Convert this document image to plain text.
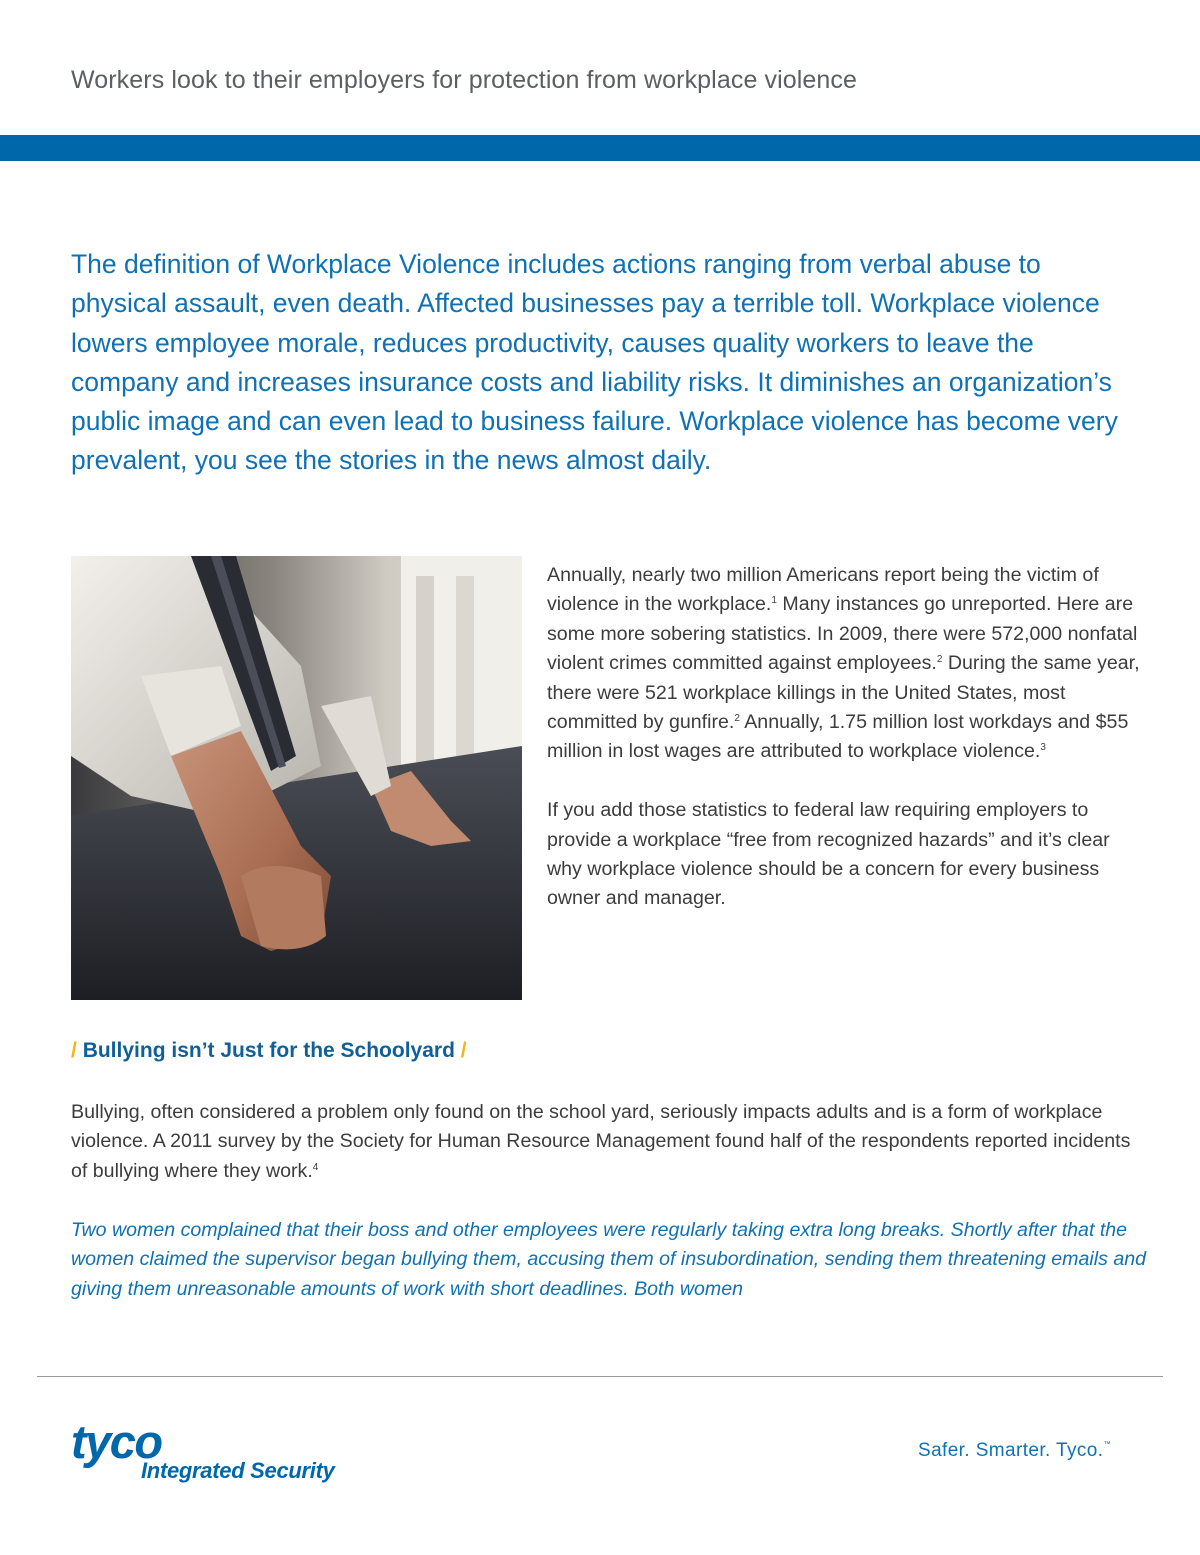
Workers look to their employers for protection from workplace violence
The definition of Workplace Violence includes actions ranging from verbal abuse to physical assault, even death. Affected businesses pay a terrible toll. Workplace violence lowers employee morale, reduces productivity, causes quality workers to leave the company and increases insurance costs and liability risks. It diminishes an organization’s public image and can even lead to business failure. Workplace violence has become very prevalent, you see the stories in the news almost daily.

Annually, nearly two million Americans report being the victim of violence in the workplace.$^1$ Many instances go unreported. Here are some more sobering statistics. In 2009, there were 572,000 nonfatal violent crimes committed against employees.$^2$ During the same year, there were 521 workplace killings in the United States, most committed by gunfire.$^2$ Annually, 1.75 million lost workdays and $55 million in lost wages are attributed to workplace violence.$^3$

If you add those statistics to federal law requiring employers to provide a workplace “free from recognized hazards” and it’s clear why workplace violence should be a concern for every business owner and manager.

/ Bullying isn’t Just for the Schoolyard /

Bullying, often considered a problem only found on the school yard, seriously impacts adults and is a form of workplace violence. A 2011 survey by the Society for Human Resource Management found half of the respondents reported incidents of bullying where they work.$^4$

Two women complained that their boss and other employees were regularly taking extra long breaks. Shortly after that the women claimed the supervisor began bullying them, accusing them of insubordination, sending them threatening emails and giving them unreasonable amounts of work with short deadlines. Both women

tyco
Integrated Security
Safer. Smarter. Tyco.™
